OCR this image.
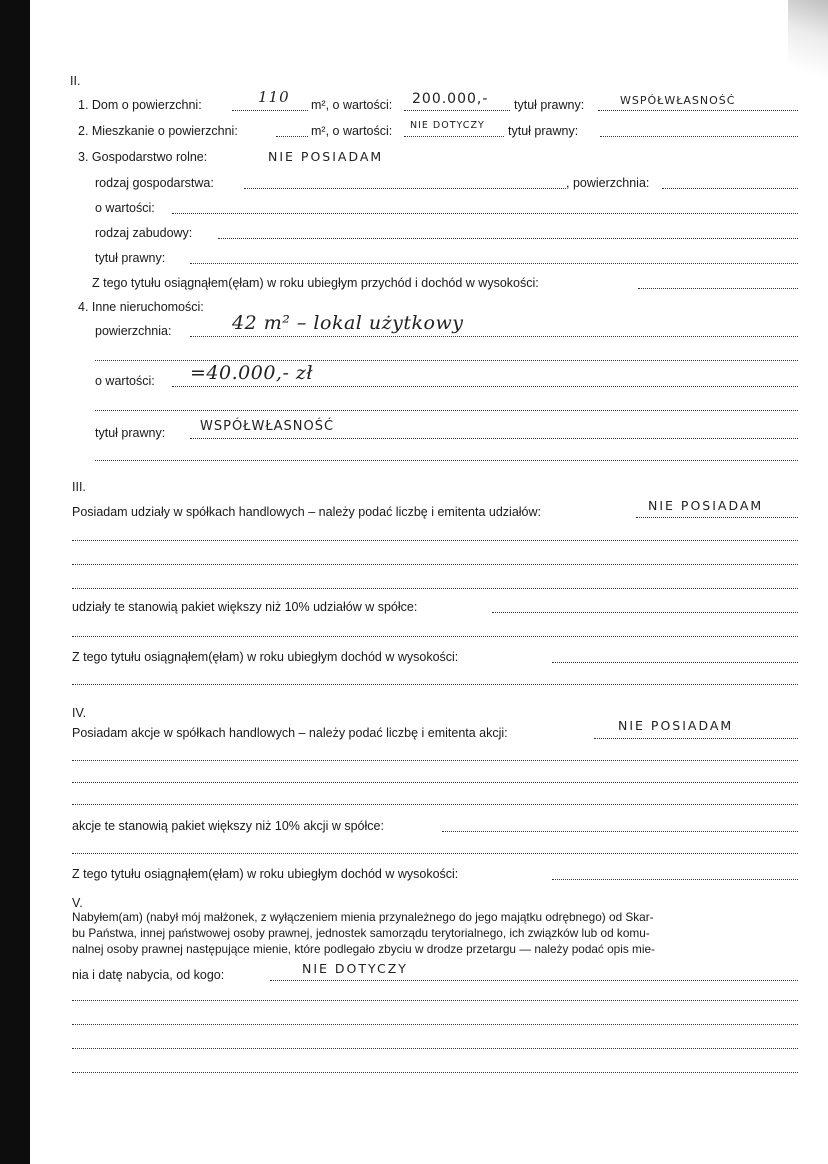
II.
1. Dom o powierzchni:	110 m², o wartości: 200.000,- tytuł prawny:	WSPÓŁWŁASNOŚĆ
2. Mieszkanie o powierzchni:	m², o wartości: NIE DOTYCZY tytuł prawny:
3. Gospodarstwo rolne:	NIE POSIADAM
rodzaj gospodarstwa:	, powierzchnia:
o wartości:
rodzaj zabudowy:
tytuł prawny:
Z tego tytułu osiągnąłem(ęłam) w roku ubiegłym przychód i dochód w wysokości:
4. Inne nieruchomości:
powierzchnia:	42 m² – lokal użytkowy
o wartości: =40.000,- zł
tytuł prawny:	WSPÓŁWŁASNOŚĆ
III.
Posiadam udziały w spółkach handlowych – należy podać liczbę i emitenta udziałów:	NIE POSIADAM
udziały te stanowią pakiet większy niż 10% udziałów w spółce:
Z tego tytułu osiągnąłem(ęłam) w roku ubiegłym dochód w wysokości:
IV.
Posiadam akcje w spółkach handlowych – należy podać liczbę i emitenta akcji:	NIE POSIADAM
akcje te stanowią pakiet większy niż 10% akcji w spółce:
Z tego tytułu osiągnąłem(ęłam) w roku ubiegłym dochód w wysokości:
V.
Nabyłem(am) (nabył mój małżonek, z wyłączeniem mienia przynależnego do jego majątku odrębnego) od Skar-
bu Państwa, innej państwowej osoby prawnej, jednostek samorządu terytorialnego, ich związków lub od komu-
nalnej osoby prawnej następujące mienie, które podlegało zbyciu w drodze przetargu — należy podać opis mie-
nia i datę nabycia, od kogo:	NIE DOTYCZY
